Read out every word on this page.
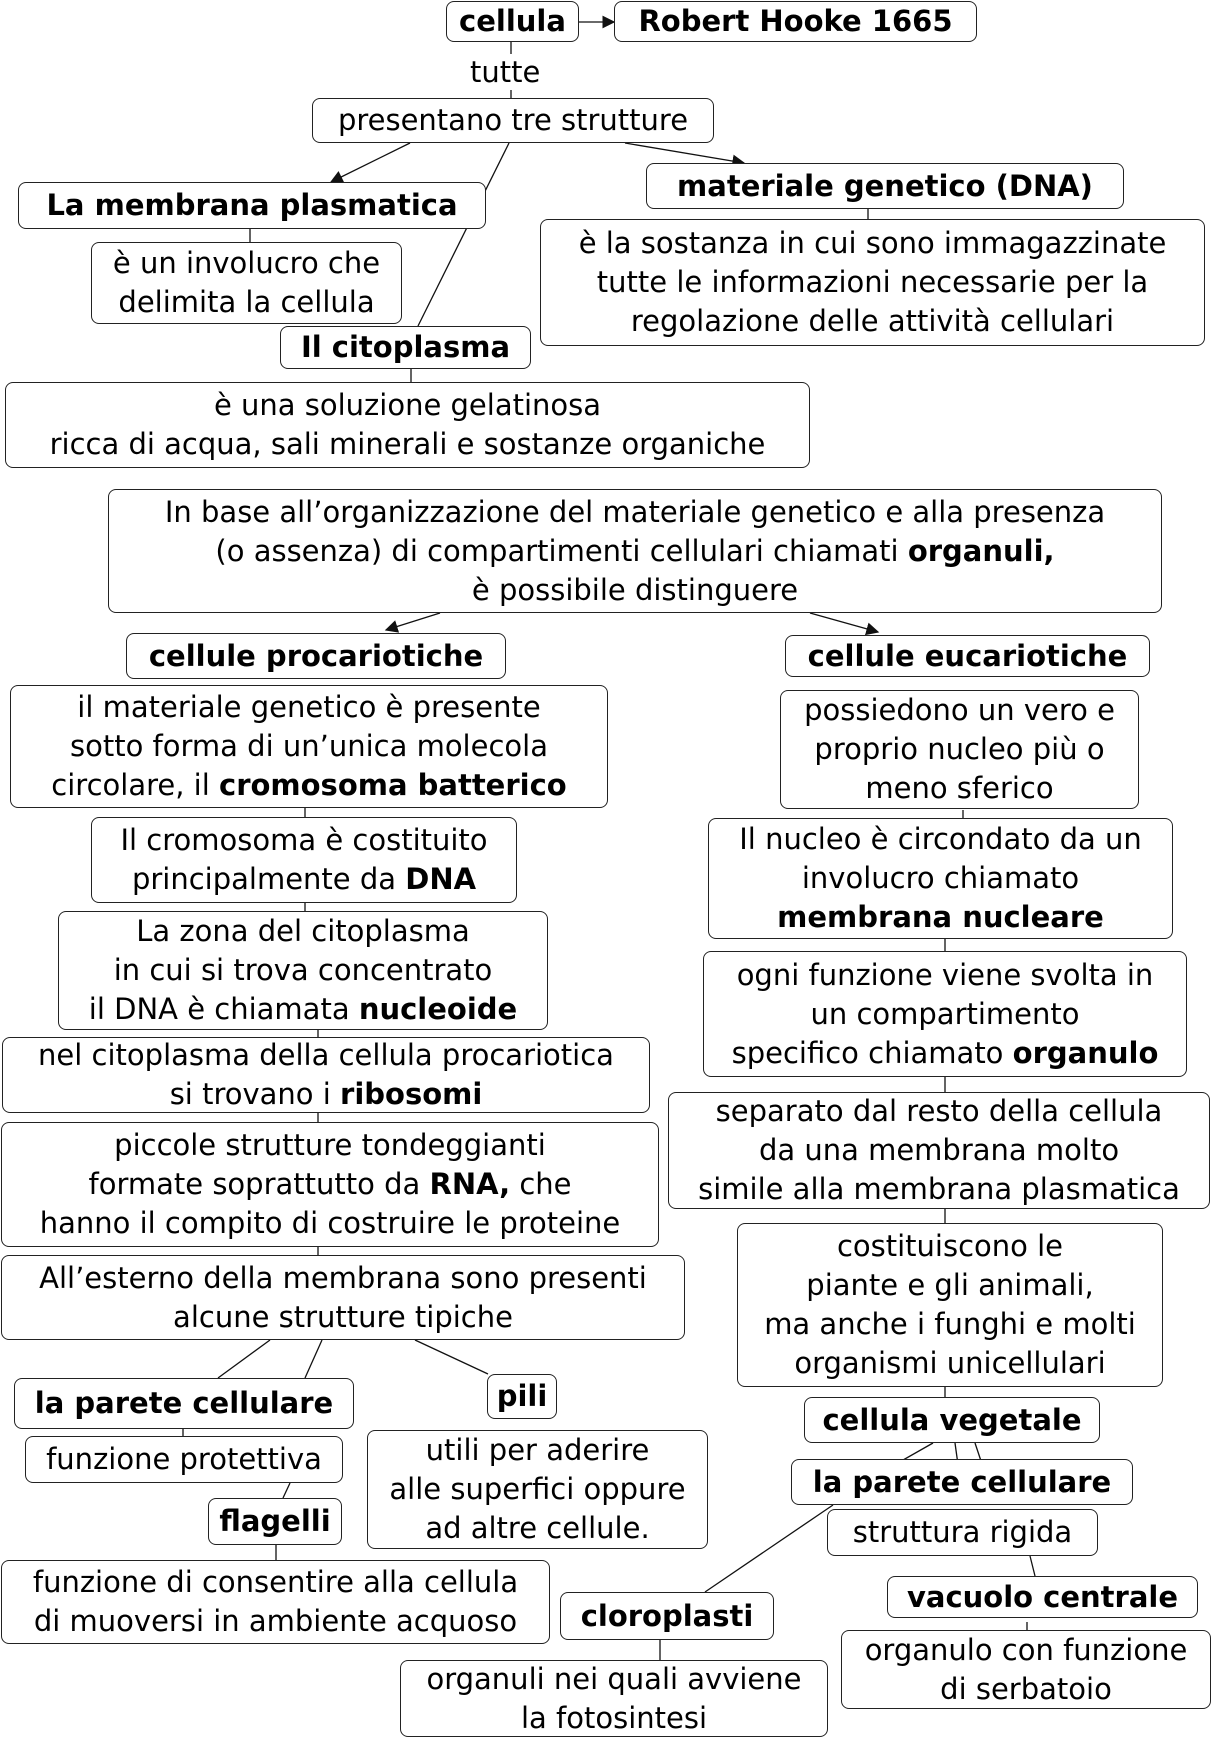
cellula	Robert Hooke 1665
tutte
presentano tre strutture
La membrana plasmatica
è un involucro che
delimita la cellula
materiale genetico (DNA)
è la sostanza in cui sono immagazzinate
tutte le informazioni necessarie per la
regolazione delle attività cellulari
Il citoplasma
è una soluzione gelatinosa
ricca di acqua, sali minerali e sostanze organiche
In base all’organizzazione del materiale genetico e alla presenza
(o assenza) di compartimenti cellulari chiamati organuli,
è possibile distinguere
cellule procariotiche
il materiale genetico è presente
sotto forma di un’unica molecola
circolare, il cromosoma batterico
Il cromosoma è costituito
principalmente da DNA
La zona del citoplasma
in cui si trova concentrato
il DNA è chiamata nucleoide
nel citoplasma della cellula procariotica
si trovano i ribosomi
piccole strutture tondeggianti
formate soprattutto da RNA, che
hanno il compito di costruire le proteine
All’esterno della membrana sono presenti
alcune strutture tipiche
la parete cellulare
funzione protettiva
flagelli
funzione di consentire alla cellula
di muoversi in ambiente acquoso
pili
utili per aderire
alle superfici oppure
ad altre cellule.
cellule eucariotiche
possiedono un vero e
proprio nucleo più o
meno sferico
Il nucleo è circondato da un
involucro chiamato
membrana nucleare
ogni funzione viene svolta in
un compartimento
specifico chiamato organulo
separato dal resto della cellula
da una membrana molto
simile alla membrana plasmatica
costituiscono le
piante e gli animali,
ma anche i funghi e molti
organismi unicellulari
cellula vegetale
la parete cellulare
struttura rigida
vacuolo centrale
organulo con funzione
di serbatoio
cloroplasti
organuli nei quali avviene
la fotosintesi
